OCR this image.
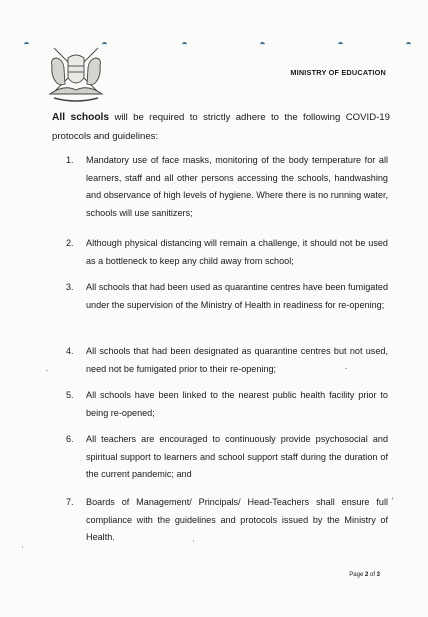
MINISTRY OF EDUCATION

All schools will be required to strictly adhere to the following COVID-19 protocols and guidelines:

1.	Mandatory use of face masks, monitoring of the body temperature for all learners, staff and all other persons accessing the schools, handwashing and observance of high levels of hygiene. Where there is no running water, schools will use sanitizers;
2.	Although physical distancing will remain a challenge, it should not be used as a bottleneck to keep any child away from school;
3.	All schools that had been used as quarantine centres have been fumigated under the supervision of the Ministry of Health in readiness for re-opening;
4.	All schools that had been designated as quarantine centres but not used, need not be fumigated prior to their re-opening;
5.	All schools have been linked to the nearest public health facility prior to being re-opened;
6.	All teachers are encouraged to continuously provide psychosocial and spiritual support to learners and school support staff during the duration of the current pandemic; and
7.	Boards of Management/ Principals/ Head-Teachers shall ensure full compliance with the guidelines and protocols issued by the Ministry of Health.
Page 2 of 3
